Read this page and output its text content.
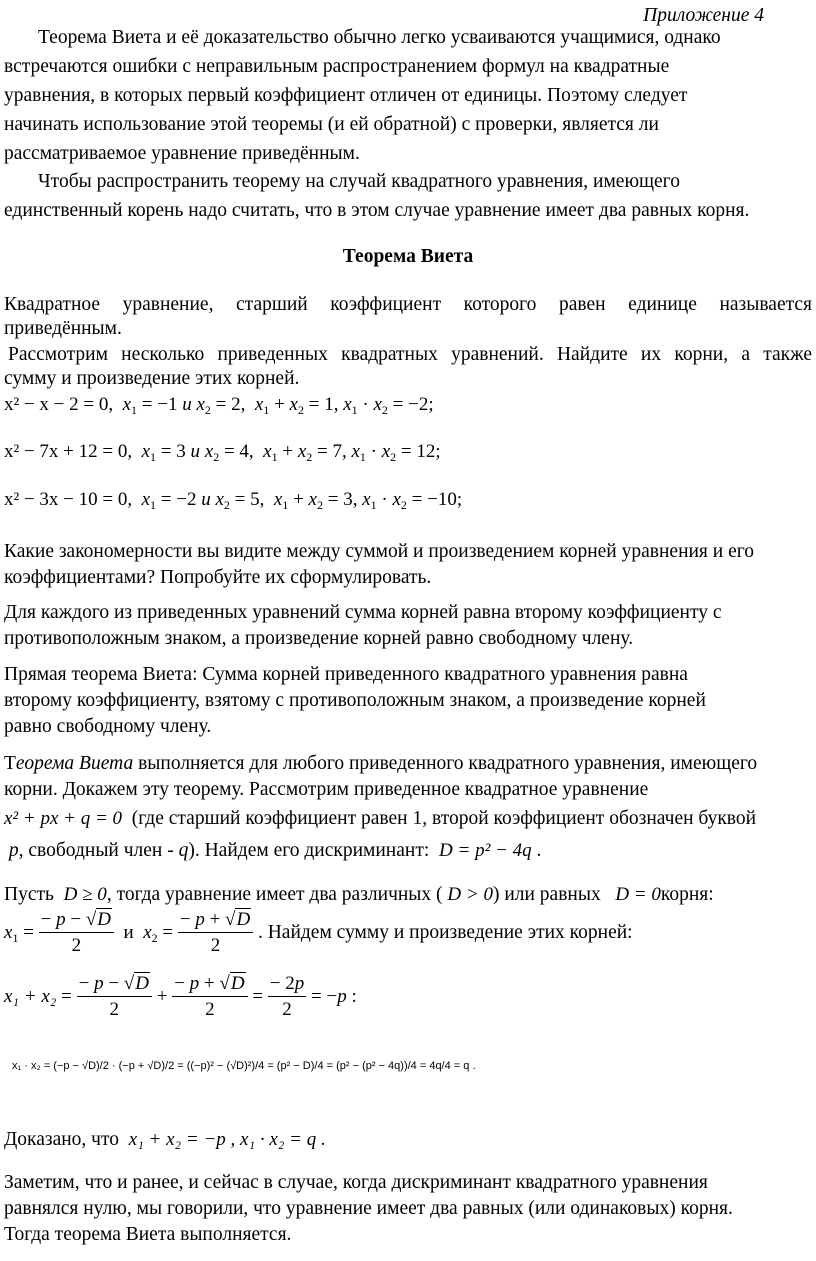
Приложение 4
Теорема Виета и её доказательство обычно легко усваиваются учащимися, однако
встречаются ошибки с неправильным распространением формул на квадратные
уравнения, в которых первый коэффициент отличен от единицы. Поэтому следует
начинать использование этой теоремы (и ей обратной) с проверки, является ли
рассматриваемое уравнение приведённым.
Чтобы распространить теорему на случай квадратного уравнения, имеющего
единственный корень надо считать, что в этом случае уравнение имеет два равных корня.
Теорема Виета
Квадратное уравнение, старший коэффициент которого равен единице называется
приведённым.
Рассмотрим несколько приведенных квадратных уравнений. Найдите их корни, а также
сумму и произведение этих корней.
x² − x − 2 = 0,  $x_1 = -1$ и $x_2 = 2$,  $x_1 + x_2 = 1$, $x_1 \cdot x_2 = -2$;
x² − 7x + 12 = 0,  $x_1 = 3$ и $x_2 = 4$,  $x_1 + x_2 = 7$, $x_1 \cdot x_2 = 12$;
x² − 3x − 10 = 0,  $x_1 = -2$ и $x_2 = 5$,  $x_1 + x_2 = 3$, $x_1 \cdot x_2 = -10$;
Какие закономерности вы видите между суммой и произведением корней уравнения и его
коэффициентами? Попробуйте их сформулировать.
Для каждого из приведенных уравнений сумма корней равна второму коэффициенту с
противоположным знаком, а произведение корней равно свободному члену.
Прямая теорема Виета: Сумма корней приведенного квадратного уравнения равна
второму коэффициенту, взятому с противоположным знаком, а произведение корней
равно свободному члену.
Теорема Виета выполняется для любого приведенного квадратного уравнения, имеющего
корни. Докажем эту теорему. Рассмотрим приведенное квадратное уравнение
x² + px + q = 0 (где старший коэффициент равен 1, второй коэффициент обозначен буквой
p, свободный член - q). Найдем его дискриминант: D = p² − 4q .
Пусть D ≥ 0, тогда уравнение имеет два различных ( D > 0) или равных D = 0корня:
$x_1 = \frac{- p - √D}{2}$ и $x_2 = \frac{- p + √D}{2}$ . Найдем сумму и произведение этих корней:
$x_1 + x_2 = \frac{- p - √D}{2} + \frac{- p + √D}{2} = \frac{- 2p}{2} = -p$ :
x₁ · x₂ = (−p − √D)/2 · (−p + √D)/2 = ((−p)² − (√D)²)/4 = (p² − D)/4 = (p² − (p² − 4q))/4 = 4q/4 = q .
Доказано, что x₁ + x₂ = −p , x₁ · x₂ = q .
Заметим, что и ранее, и сейчас в случае, когда дискриминант квадратного уравнения
равнялся нулю, мы говорили, что уравнение имеет два равных (или одинаковых) корня.
Тогда теорема Виета выполняется.
